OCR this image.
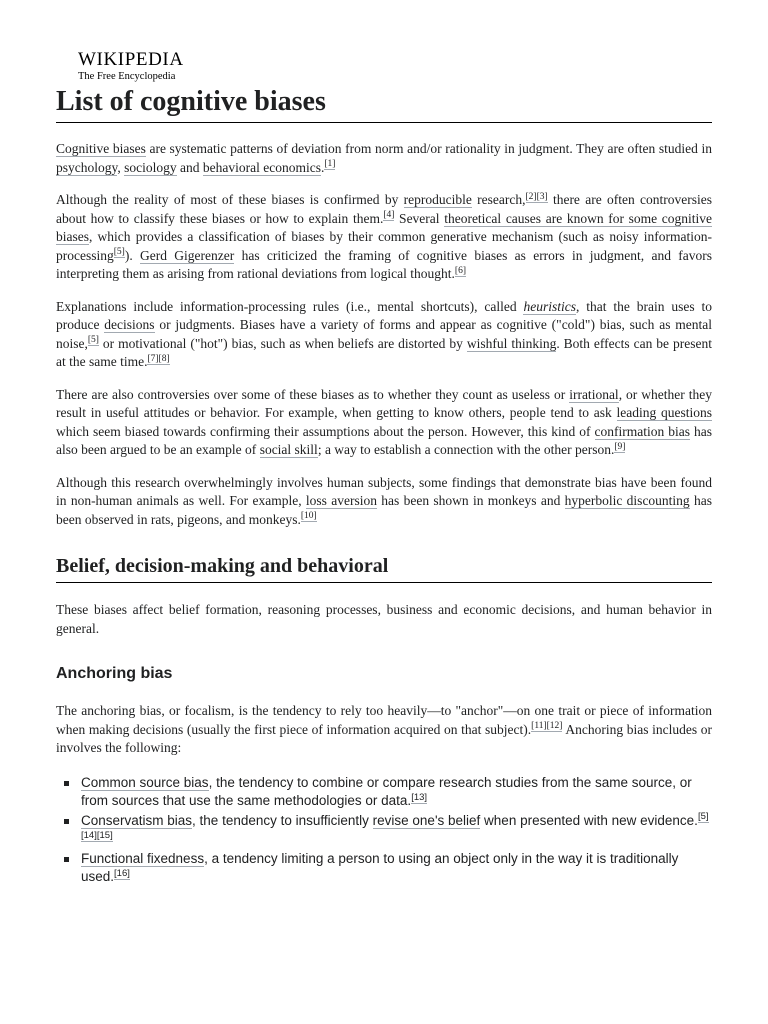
WIKIPEDIA
The Free Encyclopedia
List of cognitive biases

Cognitive biases are systematic patterns of deviation from norm and/or rationality in judgment. They are often studied in psychology, sociology and behavioral economics.[1]

Although the reality of most of these biases is confirmed by reproducible research,[2][3] there are often controversies about how to classify these biases or how to explain them.[4] Several theoretical causes are known for some cognitive biases, which provides a classification of biases by their common generative mechanism (such as noisy information-processing[5]). Gerd Gigerenzer has criticized the framing of cognitive biases as errors in judgment, and favors interpreting them as arising from rational deviations from logical thought.[6]

Explanations include information-processing rules (i.e., mental shortcuts), called heuristics, that the brain uses to produce decisions or judgments. Biases have a variety of forms and appear as cognitive ("cold") bias, such as mental noise,[5] or motivational ("hot") bias, such as when beliefs are distorted by wishful thinking. Both effects can be present at the same time.[7][8]

There are also controversies over some of these biases as to whether they count as useless or irrational, or whether they result in useful attitudes or behavior. For example, when getting to know others, people tend to ask leading questions which seem biased towards confirming their assumptions about the person. However, this kind of confirmation bias has also been argued to be an example of social skill; a way to establish a connection with the other person.[9]

Although this research overwhelmingly involves human subjects, some findings that demonstrate bias have been found in non-human animals as well. For example, loss aversion has been shown in monkeys and hyperbolic discounting has been observed in rats, pigeons, and monkeys.[10]

Belief, decision-making and behavioral

These biases affect belief formation, reasoning processes, business and economic decisions, and human behavior in general.

Anchoring bias

The anchoring bias, or focalism, is the tendency to rely too heavily—to "anchor"—on one trait or piece of information when making decisions (usually the first piece of information acquired on that subject).[11][12] Anchoring bias includes or involves the following:

Common source bias, the tendency to combine or compare research studies from the same source, or from sources that use the same methodologies or data.[13]
Conservatism bias, the tendency to insufficiently revise one's belief when presented with new evidence.[5][14][15]
Functional fixedness, a tendency limiting a person to using an object only in the way it is traditionally used.[16]
